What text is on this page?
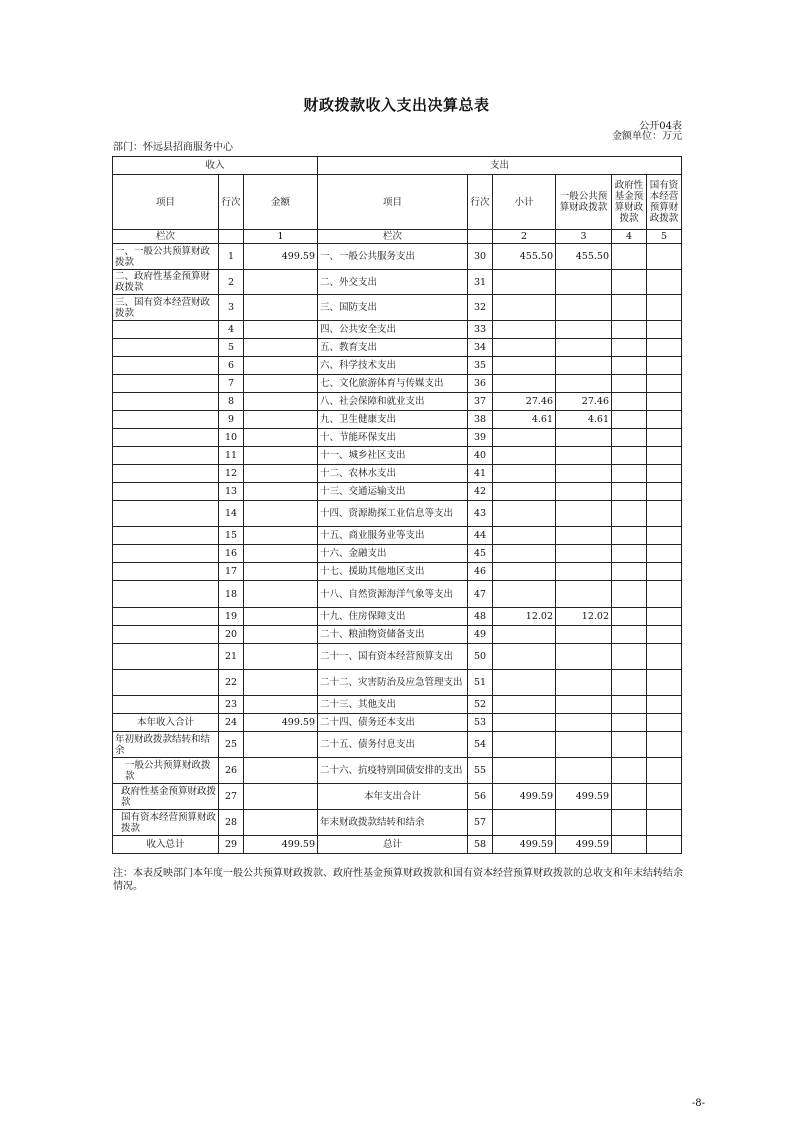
财政拨款收入支出决算总表
公开04表
部门：怀远县招商服务中心
金额单位：万元
收入			支出					
项目	行次	金额	项目	行次	小计	一般公共预算财政拨款	政府性基金预算财政拨款	国有资本经营预算财政拨款
栏次		1	栏次		2	3	4	5
一、一般公共预算财政拨款	1	499.59	一、一般公共服务支出	30	455.50	455.50		
二、政府性基金预算财政拨款	2		二、外交支出	31				
三、国有资本经营财政拨款	3		三、国防支出	32				
	4		四、公共安全支出	33				
	5		五、教育支出	34				
	6		六、科学技术支出	35				
	7		七、文化旅游体育与传媒支出	36				
	8		八、社会保障和就业支出	37	27.46	27.46		
	9		九、卫生健康支出	38	4.61	4.61		
	10		十、节能环保支出	39				
	11		十一、城乡社区支出	40				
	12		十二、农林水支出	41				
	13		十三、交通运输支出	42				
	14		十四、资源勘探工业信息等支出	43				
	15		十五、商业服务业等支出	44				
	16		十六、金融支出	45				
	17		十七、援助其他地区支出	46				
	18		十八、自然资源海洋气象等支出	47				
	19		十九、住房保障支出	48	12.02	12.02		
	20		二十、粮油物资储备支出	49				
	21		二十一、国有资本经营预算支出	50				
	22		二十二、灾害防治及应急管理支出	51				
	23		二十三、其他支出	52				
本年收入合计	24	499.59	二十四、债务还本支出	53				
年初财政拨款结转和结余	25		二十五、债务付息支出	54				
一般公共预算财政拨款	26		二十六、抗疫特别国债安排的支出	55				
政府性基金预算财政拨款	27		本年支出合计	56	499.59	499.59		
国有资本经营预算财政拨款	28		年末财政拨款结转和结余	57				
收入总计	29	499.59	总计	58	499.59	499.59		
注：本表反映部门本年度一般公共预算财政拨款、政府性基金预算财政拨款和国有资本经营预算财政拨款的总收支和年末结转结余情况。
-8-
